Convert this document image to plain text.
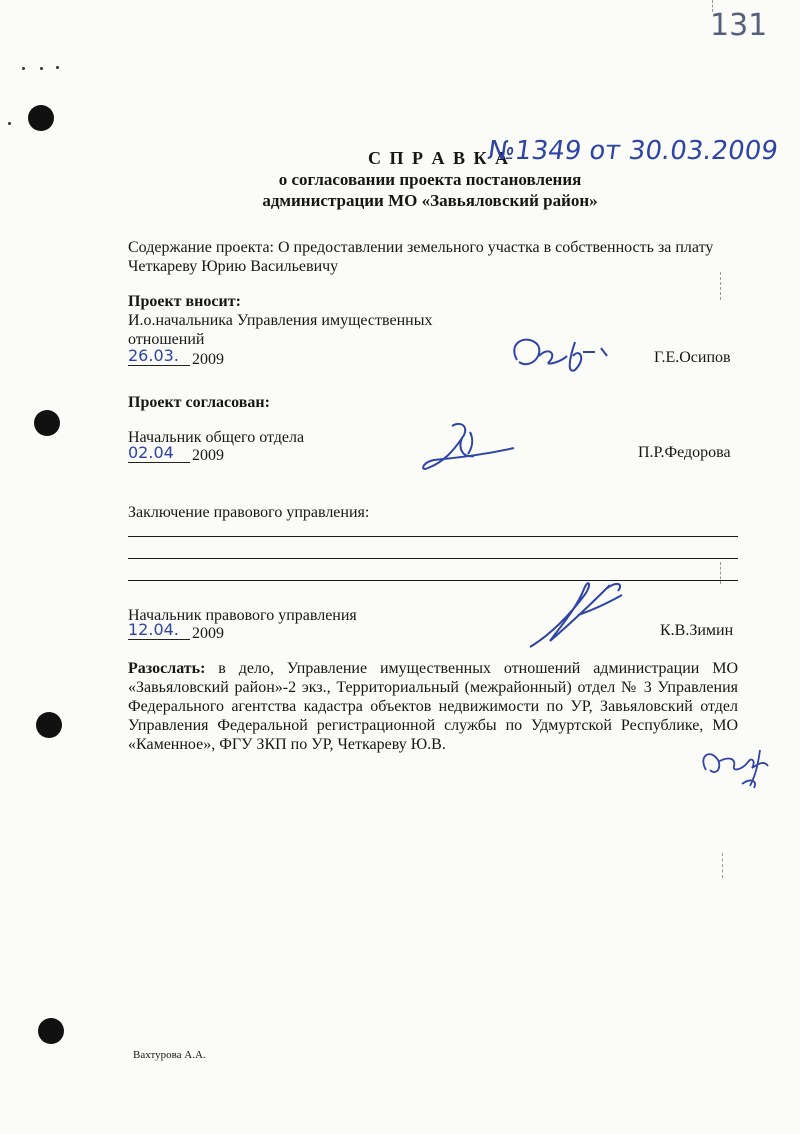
131
С П Р А В К А
№1349 от 30.03.2009
о согласовании проекта постановления
администрации МО «Завьяловский район»
Содержание проекта: О предоставлении земельного участка в собственность за плату
Четкареву Юрию Васильевичу
Проект вносит:
И.о.начальника Управления имущественных
отношений
26.03. 2009	Г.Е.Осипов
Проект согласован:
Начальник общего отдела
02.04	2009	П.Р.Федорова
Заключение правового управления:
Начальник правового управления
12.04. 2009	К.В.Зимин
Разослать: в дело, Управление имущественных отношений администрации МО
«Завьяловский район»-2 экз., Территориальный (межрайонный) отдел № 3 Управления
Федерального агентства кадастра объектов недвижимости по УР, Завьяловский отдел
Управления Федеральной регистрационной службы по Удмуртской Республике, МО
«Каменное», ФГУ ЗКП по УР, Четкареву Ю.В.
Вахтурова А.А.
